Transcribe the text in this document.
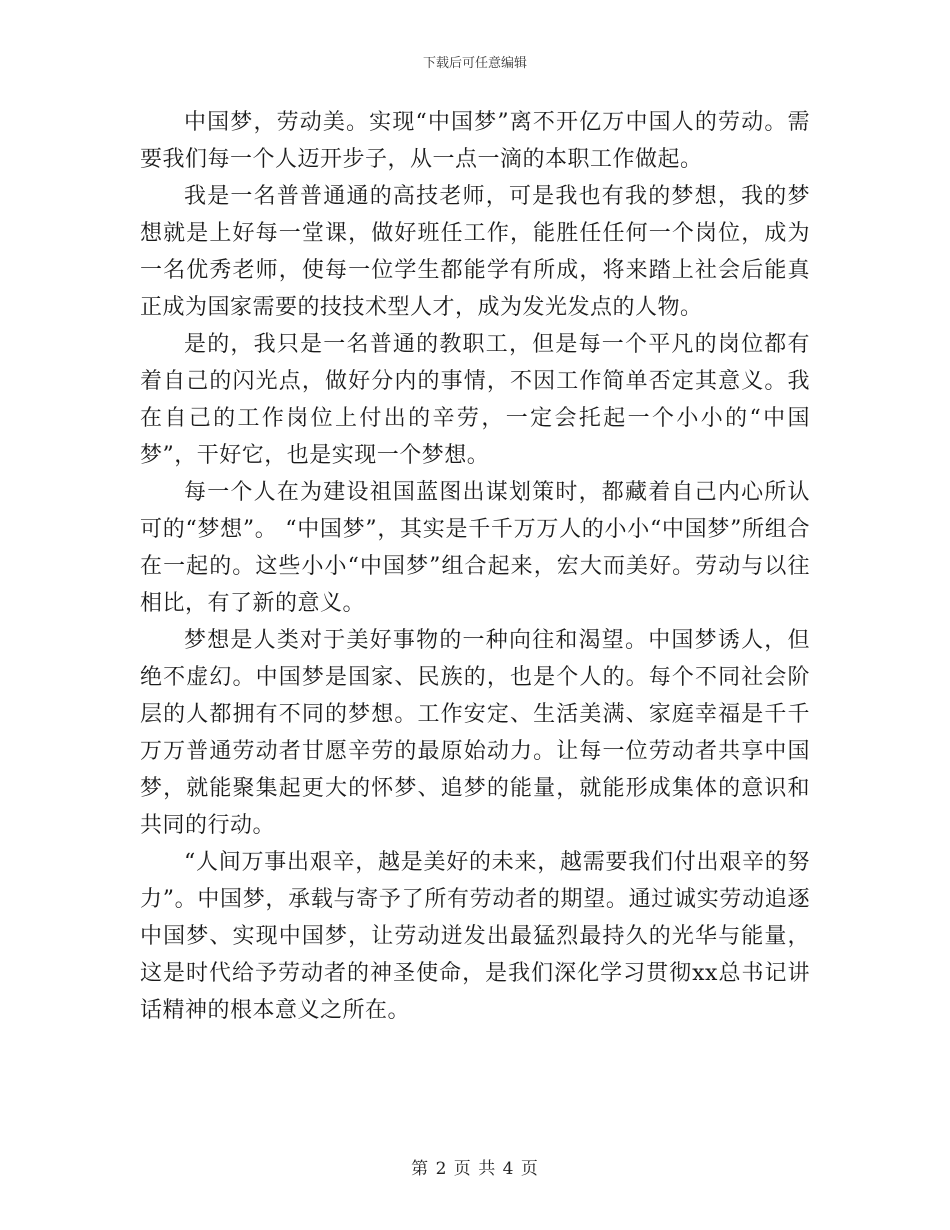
下载后可任意编辑

中国梦，劳动美。实现“中国梦”离不开亿万中国人的劳动。需要我们每一个人迈开步子，从一点一滴的本职工作做起。

我是一名普普通通的高技老师，可是我也有我的梦想，我的梦想就是上好每一堂课，做好班任工作，能胜任任何一个岗位，成为一名优秀老师，使每一位学生都能学有所成，将来踏上社会后能真正成为国家需要的技技术型人才，成为发光发点的人物。

是的，我只是一名普通的教职工，但是每一个平凡的岗位都有着自己的闪光点，做好分内的事情，不因工作简单否定其意义。我在自己的工作岗位上付出的辛劳，一定会托起一个小小的“中国梦”，干好它，也是实现一个梦想。

每一个人在为建设祖国蓝图出谋划策时，都藏着自己内心所认可的“梦想”。 “中国梦”，其实是千千万万人的小小“中国梦”所组合在一起的。这些小小“中国梦”组合起来，宏大而美好。劳动与以往相比，有了新的意义。

梦想是人类对于美好事物的一种向往和渴望。中国梦诱人，但绝不虚幻。中国梦是国家、民族的，也是个人的。每个不同社会阶层的人都拥有不同的梦想。工作安定、生活美满、家庭幸福是千千万万普通劳动者甘愿辛劳的最原始动力。让每一位劳动者共享中国梦，就能聚集起更大的怀梦、追梦的能量，就能形成集体的意识和共同的行动。

“人间万事出艰辛，越是美好的未来，越需要我们付出艰辛的努力”。中国梦，承载与寄予了所有劳动者的期望。通过诚实劳动追逐中国梦、实现中国梦，让劳动迸发出最猛烈最持久的光华与能量，这是时代给予劳动者的神圣使命，是我们深化学习贯彻xx总书记讲话精神的根本意义之所在。

第 2 页 共 4 页
